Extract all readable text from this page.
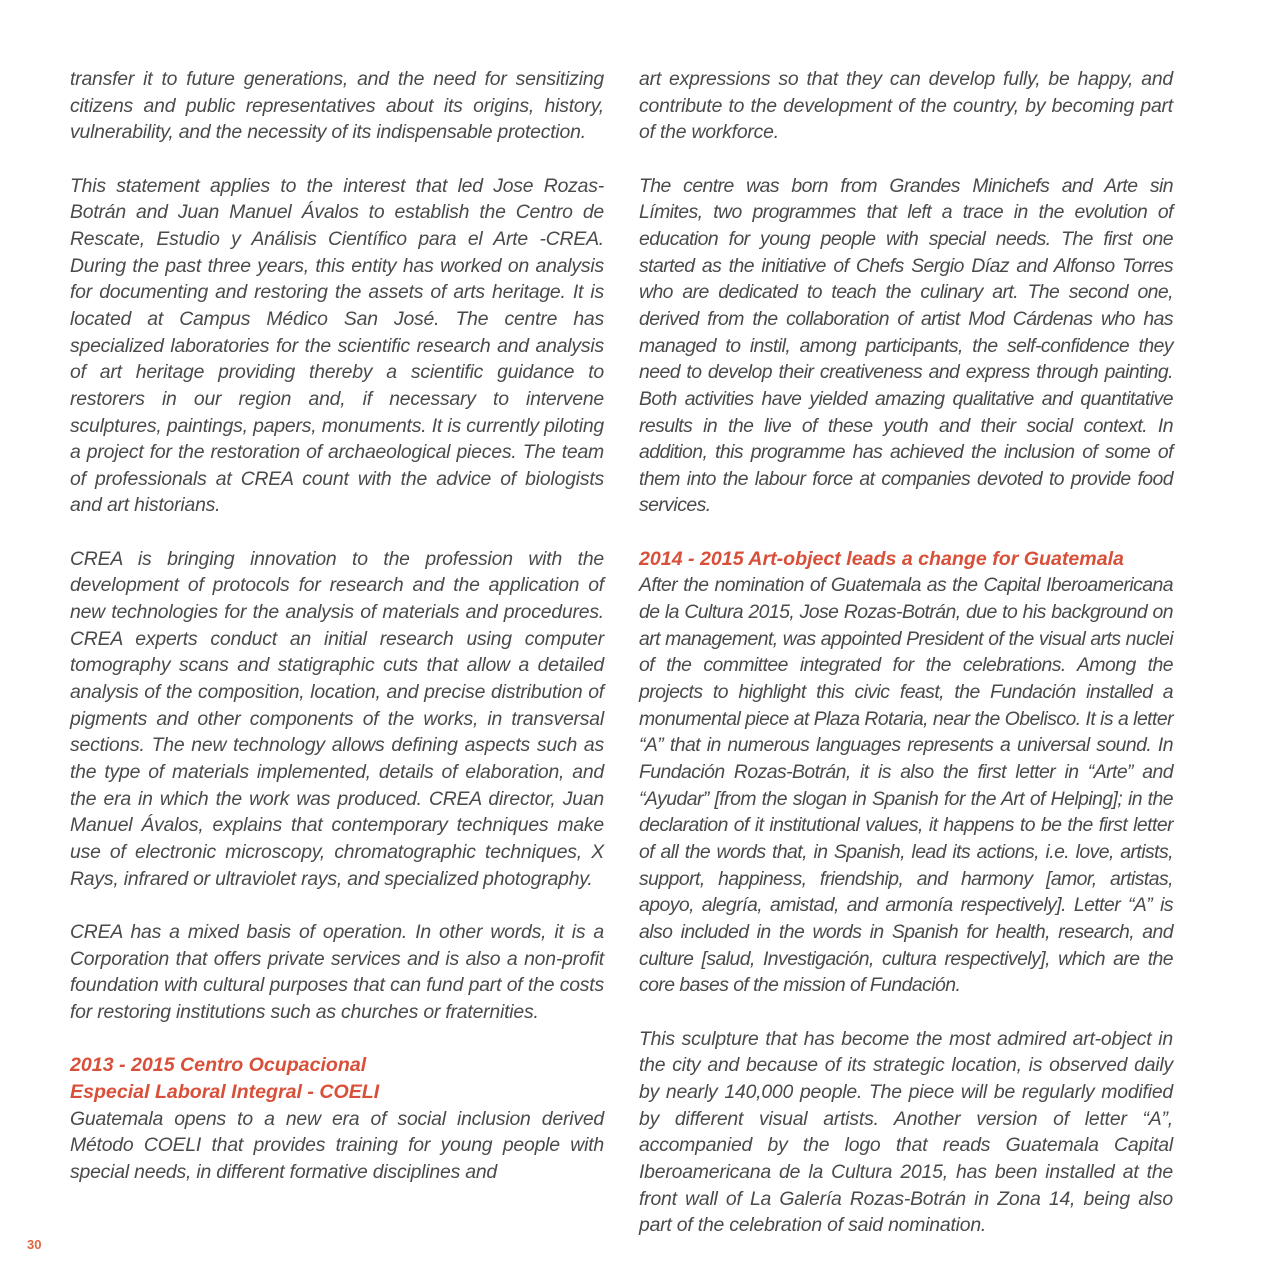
transfer it to future generations, and the need for sensitizing citizens and public representatives about its origins, history, vulnerability, and the necessity of its indispensable protection.

This statement applies to the interest that led Jose Rozas-Botrán and Juan Manuel Ávalos to establish the Centro de Rescate, Estudio y Análisis Científico para el Arte -CREA. During the past three years, this entity has worked on analysis for documenting and restoring the assets of arts heritage. It is located at Campus Médico San José. The centre has specialized laboratories for the scientific research and analysis of art heritage providing thereby a scientific guidance to restorers in our region and, if necessary to intervene sculptures, paintings, papers, monuments. It is currently piloting a project for the restoration of archaeological pieces. The team of professionals at CREA count with the advice of biologists and art historians.

CREA is bringing innovation to the profession with the development of protocols for research and the application of new technologies for the analysis of materials and procedures. CREA experts conduct an initial research using computer tomography scans and statigraphic cuts that allow a detailed analysis of the composition, location, and precise distribution of pigments and other components of the works, in transversal sections. The new technology allows defining aspects such as the type of materials implemented, details of elaboration, and the era in which the work was produced. CREA director, Juan Manuel Ávalos, explains that contemporary techniques make use of electronic microscopy, chromatographic techniques, X Rays, infrared or ultraviolet rays, and specialized photography.

CREA has a mixed basis of operation. In other words, it is a Corporation that offers private services and is also a non-profit foundation with cultural purposes that can fund part of the costs for restoring institutions such as churches or fraternities.

2013 - 2015 Centro Ocupacional
Especial Laboral Integral - COELI

Guatemala opens to a new era of social inclusion derived Método COELI that provides training for young people with special needs, in different formative disciplines and

art expressions so that they can develop fully, be happy, and contribute to the development of the country, by becoming part of the workforce.

The centre was born from Grandes Minichefs and Arte sin Límites, two programmes that left a trace in the evolution of education for young people with special needs. The first one started as the initiative of Chefs Sergio Díaz and Alfonso Torres who are dedicated to teach the culinary art. The second one, derived from the collaboration of artist Mod Cárdenas who has managed to instil, among participants, the self-confidence they need to develop their creativeness and express through painting. Both activities have yielded amazing qualitative and quantitative results in the live of these youth and their social context. In addition, this programme has achieved the inclusion of some of them into the labour force at companies devoted to provide food services.

2014 - 2015 Art-object leads a change for Guatemala

After the nomination of Guatemala as the Capital Iberoamericana de la Cultura 2015, Jose Rozas-Botrán, due to his background on art management, was appointed President of the visual arts nuclei of the committee integrated for the celebrations. Among the projects to highlight this civic feast, the Fundación installed a monumental piece at Plaza Rotaria, near the Obelisco. It is a letter “A” that in numerous languages represents a universal sound. In Fundación Rozas-Botrán, it is also the first letter in “Arte” and “Ayudar” [from the slogan in Spanish for the Art of Helping]; in the declaration of it institutional values, it happens to be the first letter of all the words that, in Spanish, lead its actions, i.e. love, artists, support, happiness, friendship, and harmony [amor, artistas, apoyo, alegría, amistad, and armonía respectively]. Letter “A” is also included in the words in Spanish for health, research, and culture [salud, Investigación, cultura respectively], which are the core bases of the mission of Fundación.

This sculpture that has become the most admired art-object in the city and because of its strategic location, is observed daily by nearly 140,000 people. The piece will be regularly modified by different visual artists. Another version of letter “A”, accompanied by the logo that reads Guatemala Capital Iberoamericana de la Cultura 2015, has been installed at the front wall of La Galería Rozas-Botrán in Zona 14, being also part of the celebration of said nomination.

30
